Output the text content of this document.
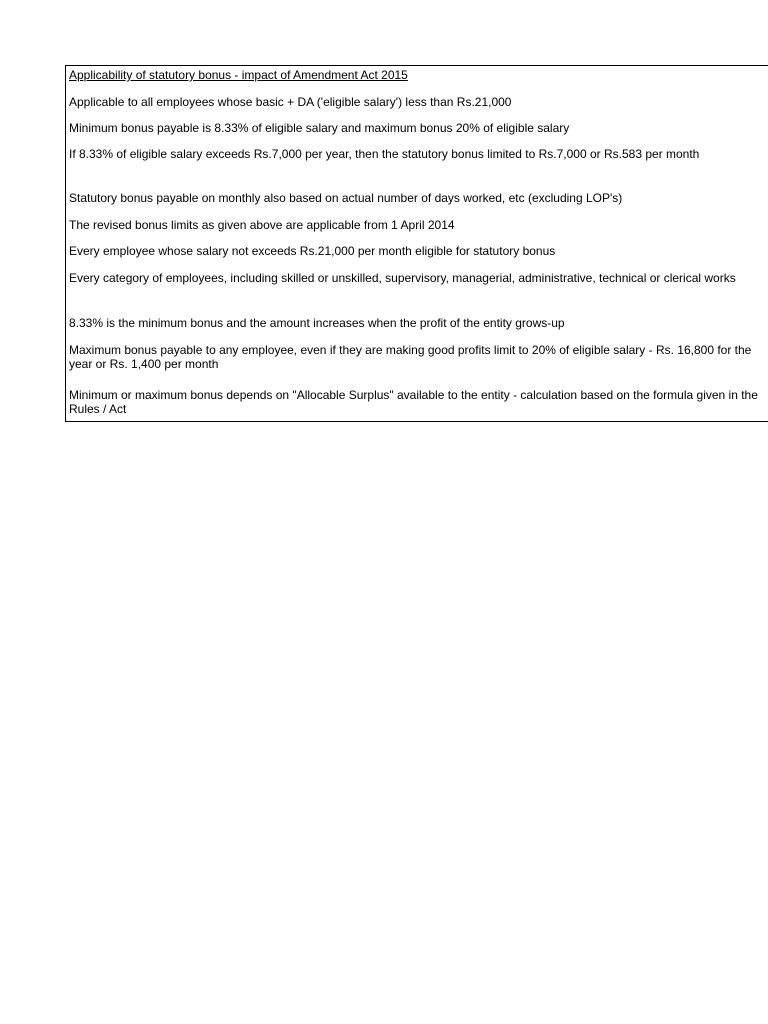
Applicability of statutory bonus - impact of Amendment Act 2015
Applicable to all employees whose basic + DA ('eligible salary') less than Rs.21,000
Minimum bonus payable is 8.33% of eligible salary and maximum bonus 20% of eligible salary
If 8.33% of eligible salary exceeds Rs.7,000 per year, then the statutory bonus limited to Rs.7,000 or Rs.583 per month
Statutory bonus payable on monthly also based on actual number of days worked, etc (excluding LOP's)
The revised bonus limits as given above are applicable from 1 April 2014
Every employee whose salary not exceeds Rs.21,000 per month eligible for statutory bonus
Every category of employees, including skilled or unskilled, supervisory, managerial, administrative, technical or clerical works
8.33% is the minimum bonus and the amount increases when the profit of the entity grows-up
Maximum bonus payable to any employee, even if they are making good profits limit to 20% of eligible salary - Rs. 16,800 for the year or Rs. 1,400 per month
Minimum or maximum bonus depends on "Allocable Surplus" available to the entity - calculation based on the formula given in the Rules / Act
